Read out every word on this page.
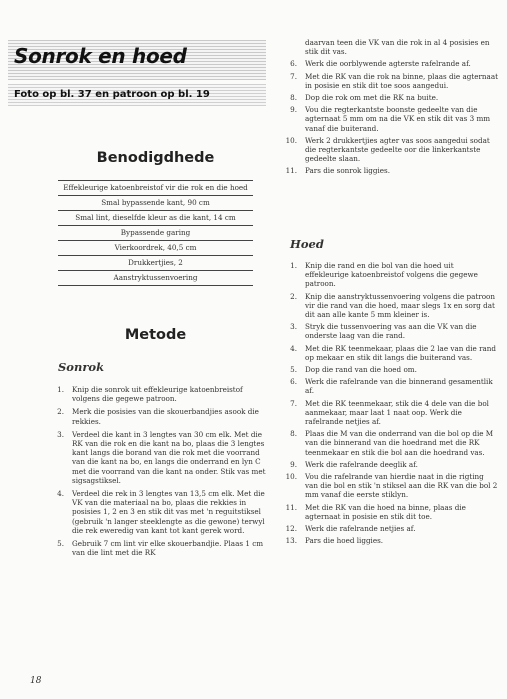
Sonrok en hoed

Foto op bl. 37 en patroon op bl. 19

Benodigdhede
Effekleurige katoenbreistof vir die rok en die hoed
Smal bypassende kant, 90 cm
Smal lint, dieselfde kleur as die kant, 14 cm
Bypassende garing
Vierkoordrek, 40,5 cm
Drukkertjies, 2
Aanstryktussenvoering
Metode
Sonrok
1. Knip die sonrok uit effekleurige katoenbreistof volgens die gegewe patroon.
2. Merk die posisies van die skouerbandjies asook die rekkies.
3. Verdeel die kant in 3 lengtes van 30 cm elk. Met die RK van die rok en die kant na bo, plaas die 3 lengtes kant langs die borand van die rok met die voorrand van die kant na bo, en langs die onderrand en lyn C met die voorrand van die kant na onder. Stik vas met sigsagstiksel.
4. Verdeel die rek in 3 lengtes van 13,5 cm elk. Met die VK van die materiaal na bo, plaas die rekkies in posisies 1, 2 en 3 en stik dit vas met 'n reguitstiksel (gebruik 'n langer steeklengte as die gewone) terwyl die rek eweredig van kant tot kant gerek word.
5. Gebruik 7 cm lint vir elke skouerbandjie. Plaas 1 cm van die lint met die RK
daarvan teen die VK van die rok in al 4 posisies en stik dit vas.
6. Werk die oorblywende agterste rafelrande af.
7. Met die RK van die rok na binne, plaas die agternaat in posisie en stik dit toe soos aangedui.
8. Dop die rok om met die RK na buite.
9. Vou die regterkantste boonste gedeelte van die agternaat 5 mm om na die VK en stik dit vas 3 mm vanaf die buiterand.
10. Werk 2 drukkertjies agter vas soos aangedui sodat die regterkantste gedeelte oor die linkerkantste gedeelte slaan.
11. Pars die sonrok liggies.
Hoed
1. Knip die rand en die bol van die hoed uit effekleurige katoenbreistof volgens die gegewe patroon.
2. Knip die aanstryktussenvoering volgens die patroon vir die rand van die hoed, maar slegs 1x en sorg dat dit aan alle kante 5 mm kleiner is.
3. Stryk die tussenvoering vas aan die VK van die onderste laag van die rand.
4. Met die RK teenmekaar, plaas die 2 lae van die rand op mekaar en stik dit langs die buiterand vas.
5. Dop die rand van die hoed om.
6. Werk die rafelrande van die binnerand gesamentlik af.
7. Met die RK teenmekaar, stik die 4 dele van die bol aanmekaar, maar laat 1 naat oop. Werk die rafelrande netjies af.
8. Plaas die M van die onderrand van die bol op die M van die binnerand van die hoedrand met die RK teenmekaar en stik die bol aan die hoedrand vas.
9. Werk die rafelrande deeglik af.
10. Vou die rafelrande van hierdie naat in die rigting van die bol en stik 'n stiksel aan die RK van die bol 2 mm vanaf die eerste stiklyn.
11. Met die RK van die hoed na binne, plaas die agternaat in posisie en stik dit toe.
12. Werk die rafelrande netjies af.
13. Pars die hoed liggies.

18
